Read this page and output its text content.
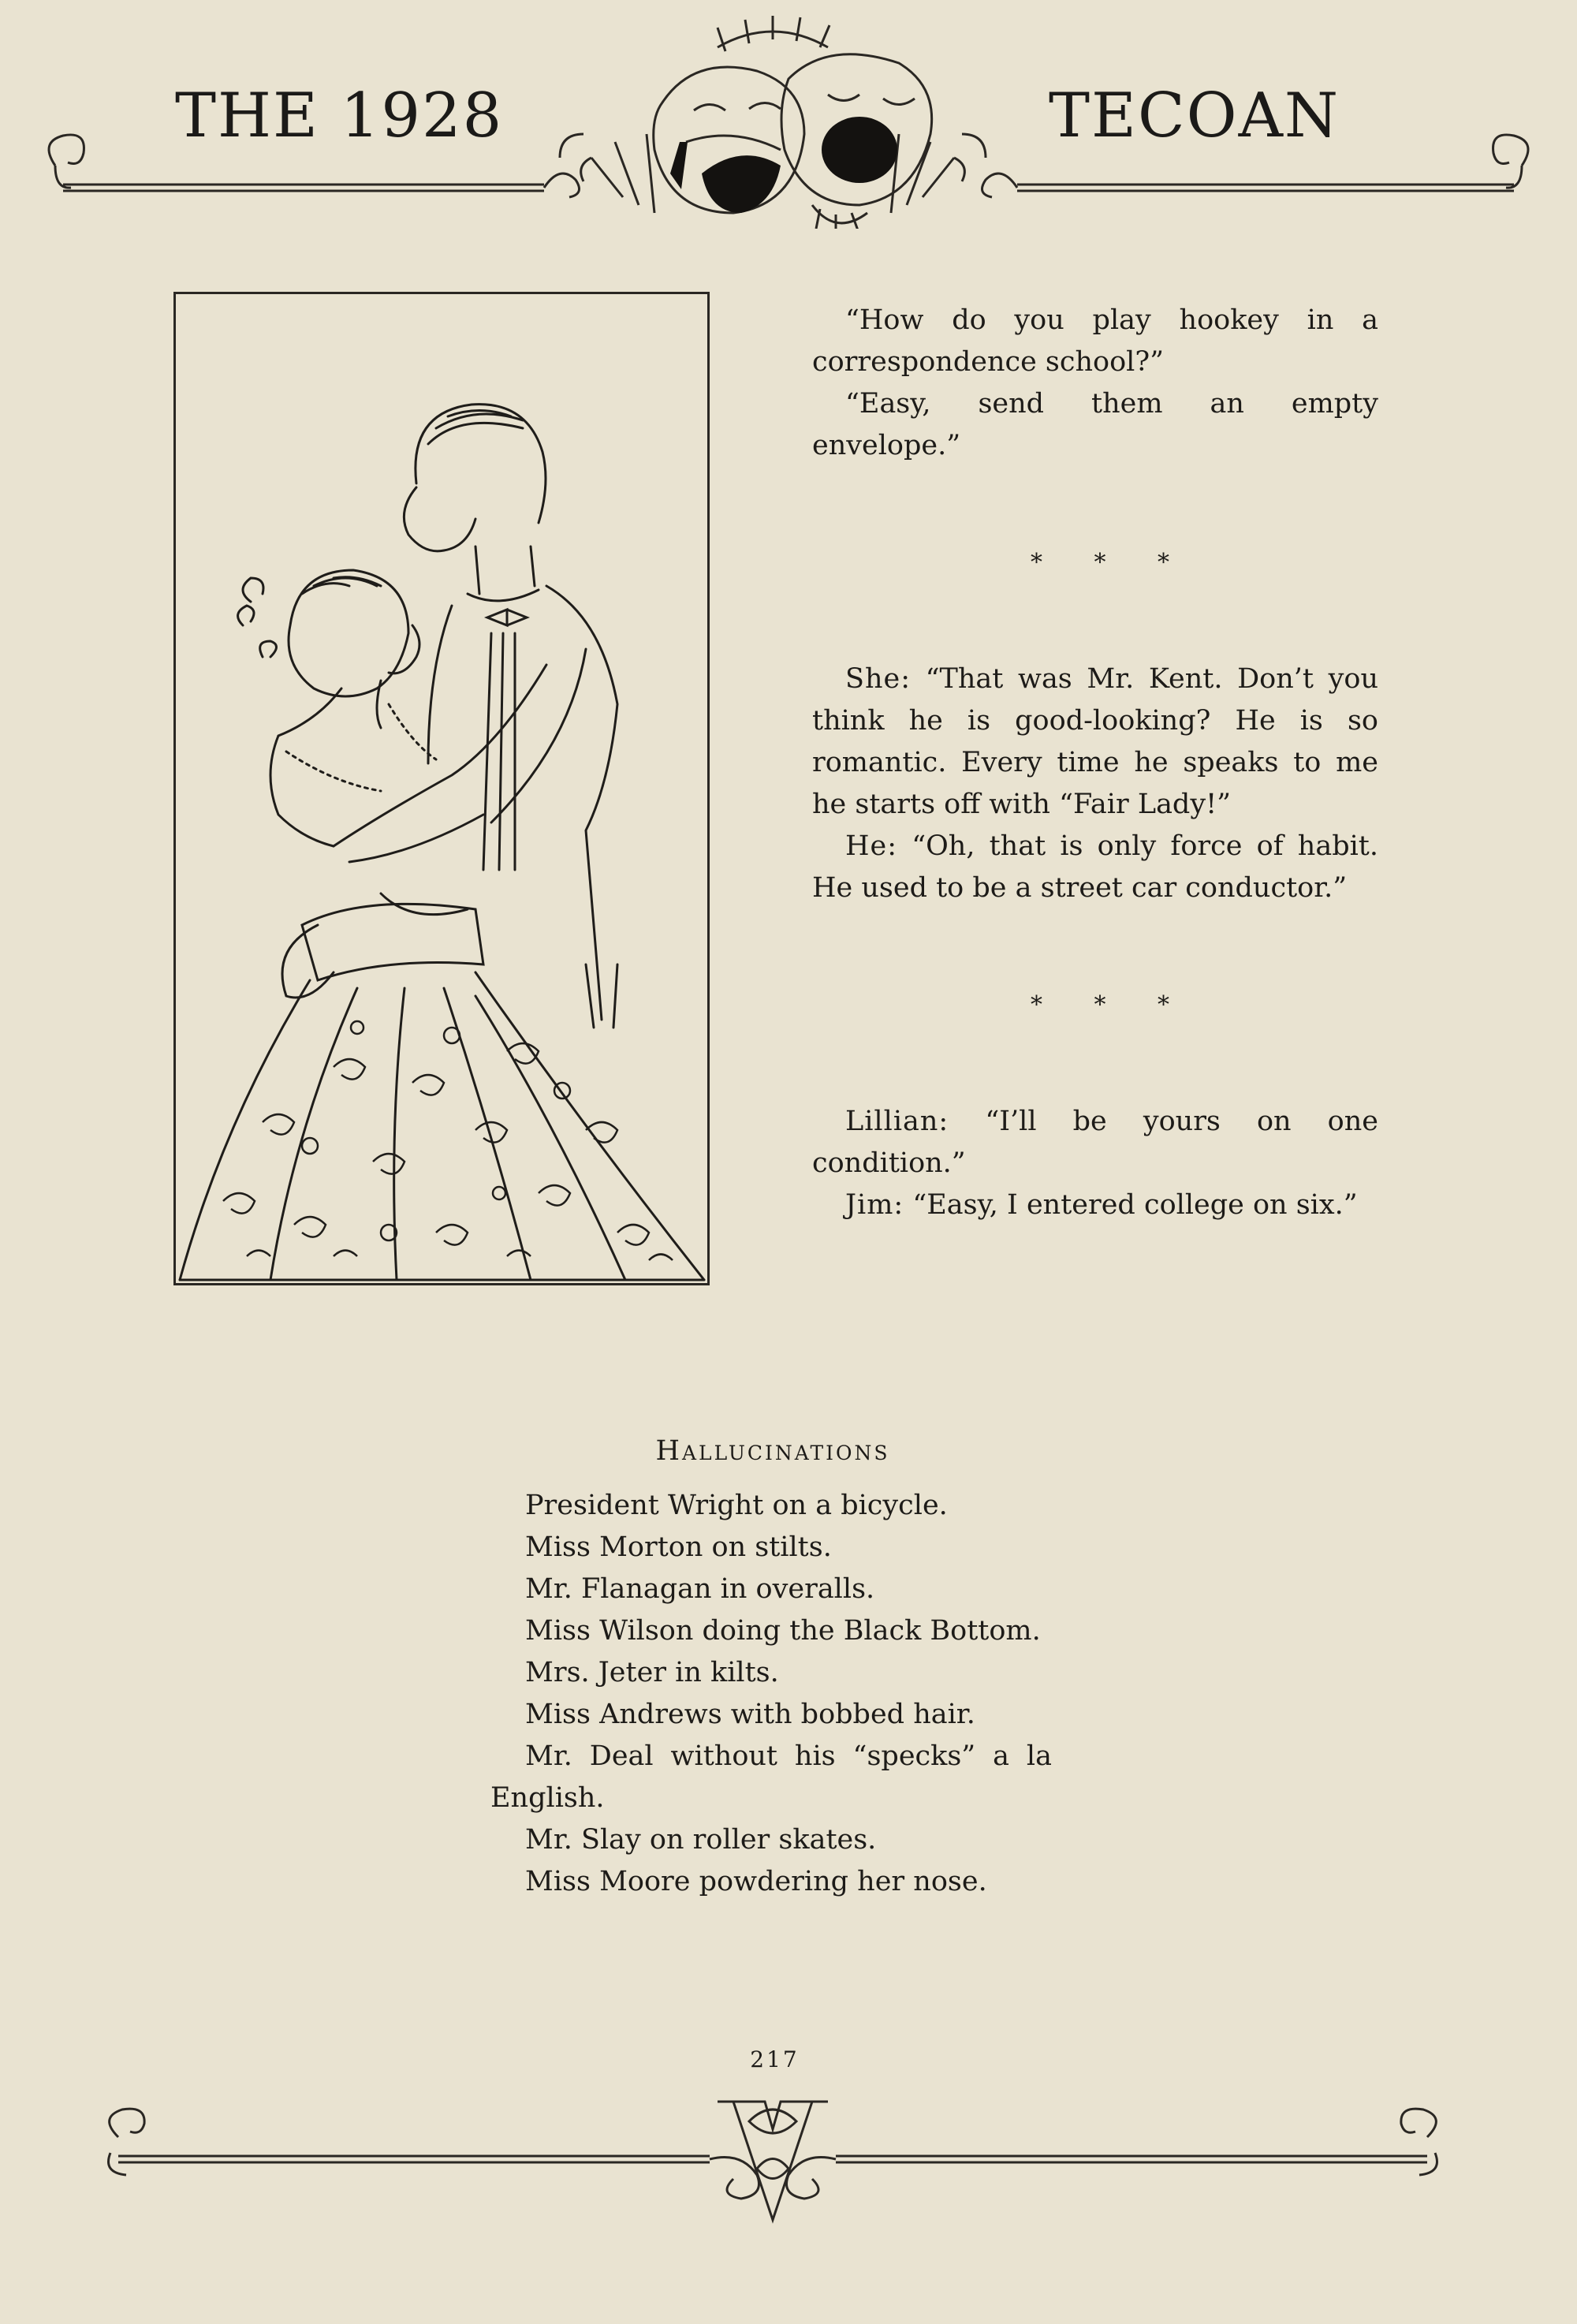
THE 1928	TECOAN

“How do you play hookey in a correspondence school?”

“Easy, send them an empty envelope.”

* * *

She: “That was Mr. Kent. Don’t you think he is good-looking? He is so romantic. Every time he speaks to me he starts off with “Fair Lady!”

He: “Oh, that is only force of habit. He used to be a street car conductor.”

* * *

Lillian: “I’ll be yours on one condition.”

Jim: “Easy, I entered college on six.”

Hallucinations

President Wright on a bicycle.

Miss Morton on stilts.

Mr. Flanagan in overalls.

Miss Wilson doing the Black Bottom.

Mrs. Jeter in kilts.

Miss Andrews with bobbed hair.

Mr. Deal without his “specks” a la English.

Mr. Slay on roller skates.

Miss Moore powdering her nose.

217
